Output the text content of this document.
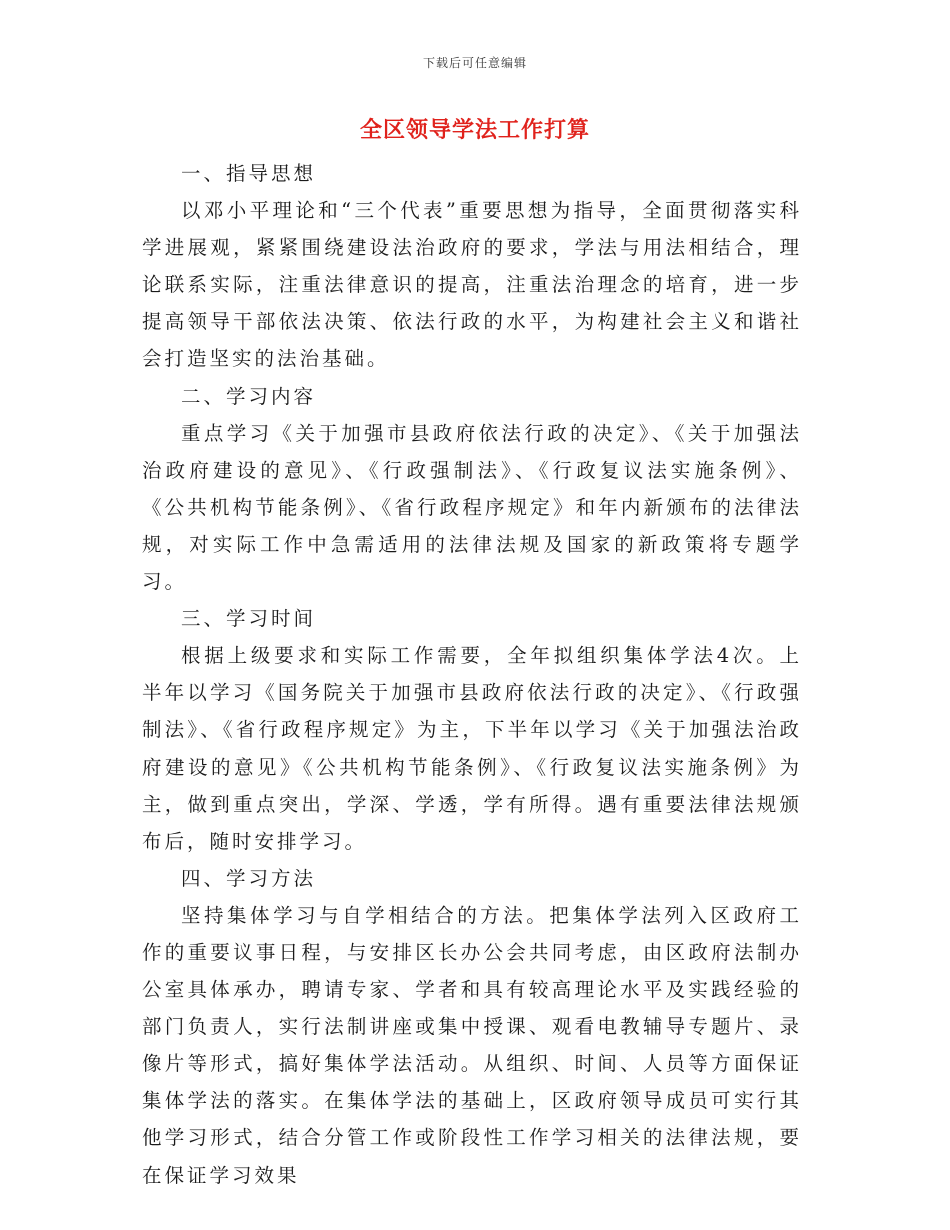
下载后可任意编辑
全区领导学法工作打算

一、指导思想

以邓小平理论和“三个代表”重要思想为指导，全面贯彻落实科学进展观，紧紧围绕建设法治政府的要求，学法与用法相结合，理论联系实际，注重法律意识的提高，注重法治理念的培育，进一步提高领导干部依法决策、依法行政的水平，为构建社会主义和谐社会打造坚实的法治基础。

二、学习内容

重点学习《关于加强市县政府依法行政的决定》、《关于加强法治政府建设的意见》、《行政强制法》、《行政复议法实施条例》、《公共机构节能条例》、《省行政程序规定》和年内新颁布的法律法规，对实际工作中急需适用的法律法规及国家的新政策将专题学习。

三、学习时间

根据上级要求和实际工作需要，全年拟组织集体学法4次。上半年以学习《国务院关于加强市县政府依法行政的决定》、《行政强制法》、《省行政程序规定》为主，下半年以学习《关于加强法治政府建设的意见》《公共机构节能条例》、《行政复议法实施条例》为主，做到重点突出，学深、学透，学有所得。遇有重要法律法规颁布后，随时安排学习。

四、学习方法

坚持集体学习与自学相结合的方法。把集体学法列入区政府工作的重要议事日程，与安排区长办公会共同考虑，由区政府法制办公室具体承办，聘请专家、学者和具有较高理论水平及实践经验的部门负责人，实行法制讲座或集中授课、观看电教辅导专题片、录像片等形式，搞好集体学法活动。从组织、时间、人员等方面保证集体学法的落实。在集体学法的基础上，区政府领导成员可实行其他学习形式，结合分管工作或阶段性工作学习相关的法律法规，要在保证学习效果
